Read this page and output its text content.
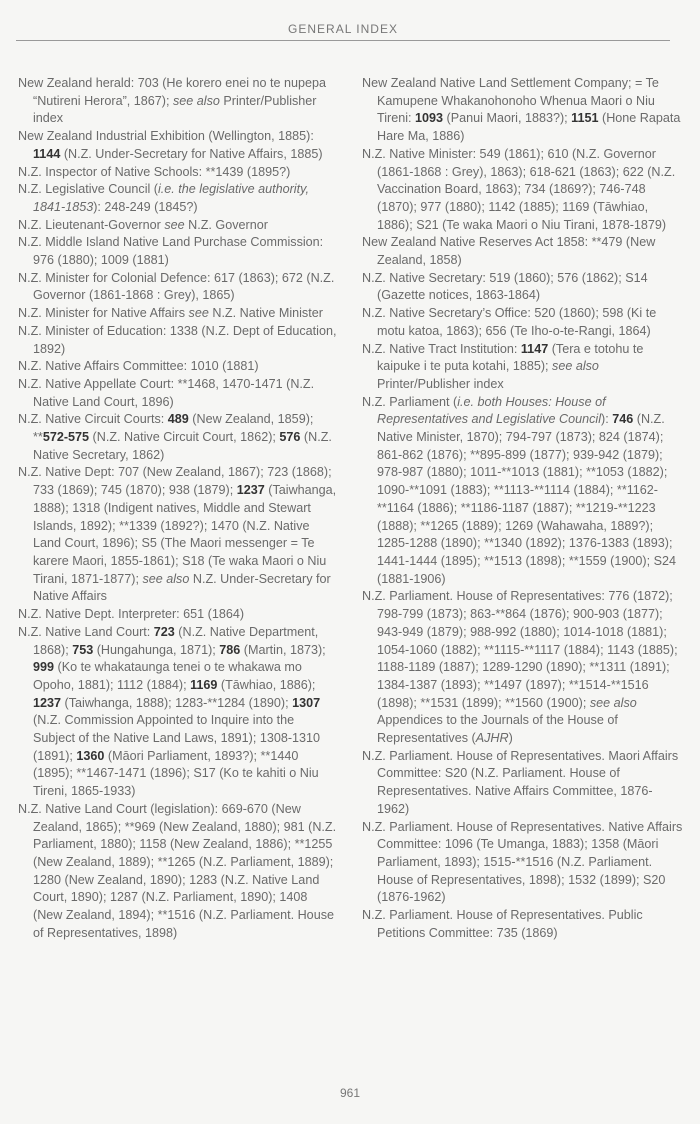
GENERAL INDEX
New Zealand herald: 703 (He korero enei no te nupepa “Nutireni Herora”, 1867); see also Printer/Publisher index
New Zealand Industrial Exhibition (Wellington, 1885): 1144 (N.Z. Under-Secretary for Native Affairs, 1885)
N.Z. Inspector of Native Schools: **1439 (1895?)
N.Z. Legislative Council (i.e. the legislative authority, 1841-1853): 248-249 (1845?)
N.Z. Lieutenant-Governor see N.Z. Governor
N.Z. Middle Island Native Land Purchase Commission: 976 (1880); 1009 (1881)
N.Z. Minister for Colonial Defence: 617 (1863); 672 (N.Z. Governor (1861-1868 : Grey), 1865)
N.Z. Minister for Native Affairs see N.Z. Native Minister
N.Z. Minister of Education: 1338 (N.Z. Dept of Education, 1892)
N.Z. Native Affairs Committee: 1010 (1881)
N.Z. Native Appellate Court: **1468, 1470-1471 (N.Z. Native Land Court, 1896)
N.Z. Native Circuit Courts: 489 (New Zealand, 1859); **572-575 (N.Z. Native Circuit Court, 1862); 576 (N.Z. Native Secretary, 1862)
N.Z. Native Dept: 707 (New Zealand, 1867); 723 (1868); 733 (1869); 745 (1870); 938 (1879); 1237 (Taiwhanga, 1888); 1318 (Indigent natives, Middle and Stewart Islands, 1892); **1339 (1892?); 1470 (N.Z. Native Land Court, 1896); S5 (The Maori messenger = Te karere Maori, 1855-1861); S18 (Te waka Maori o Niu Tirani, 1871-1877); see also N.Z. Under-Secretary for Native Affairs
N.Z. Native Dept. Interpreter: 651 (1864)
N.Z. Native Land Court: 723 (N.Z. Native Department, 1868); 753 (Hungahunga, 1871); 786 (Martin, 1873); 999 (Ko te whakataunga tenei o te whakawa mo Opoho, 1881); 1112 (1884); 1169 (Tāwhiao, 1886); 1237 (Taiwhanga, 1888); 1283-**1284 (1890); 1307 (N.Z. Commission Appointed to Inquire into the Subject of the Native Land Laws, 1891); 1308-1310 (1891); 1360 (Māori Parliament, 1893?); **1440 (1895); **1467-1471 (1896); S17 (Ko te kahiti o Niu Tireni, 1865-1933)
N.Z. Native Land Court (legislation): 669-670 (New Zealand, 1865); **969 (New Zealand, 1880); 981 (N.Z. Parliament, 1880); 1158 (New Zealand, 1886); **1255 (New Zealand, 1889); **1265 (N.Z. Parliament, 1889); 1280 (New Zealand, 1890); 1283 (N.Z. Native Land Court, 1890); 1287 (N.Z. Parliament, 1890); 1408 (New Zealand, 1894); **1516 (N.Z. Parliament. House of Representatives, 1898)
New Zealand Native Land Settlement Company; = Te Kamupene Whakanohonoho Whenua Maori o Niu Tireni: 1093 (Panui Maori, 1883?); 1151 (Hone Rapata Hare Ma, 1886)
N.Z. Native Minister: 549 (1861); 610 (N.Z. Governor (1861-1868 : Grey), 1863); 618-621 (1863); 622 (N.Z. Vaccination Board, 1863); 734 (1869?); 746-748 (1870); 977 (1880); 1142 (1885); 1169 (Tāwhiao, 1886); S21 (Te waka Maori o Niu Tirani, 1878-1879)
New Zealand Native Reserves Act 1858: **479 (New Zealand, 1858)
N.Z. Native Secretary: 519 (1860); 576 (1862); S14 (Gazette notices, 1863-1864)
N.Z. Native Secretary’s Office: 520 (1860); 598 (Ki te motu katoa, 1863); 656 (Te Iho-o-te-Rangi, 1864)
N.Z. Native Tract Institution: 1147 (Tera e totohu te kaipuke i te puta kotahi, 1885); see also Printer/Publisher index
N.Z. Parliament (i.e. both Houses: House of Representatives and Legislative Council): 746 (N.Z. Native Minister, 1870); 794-797 (1873); 824 (1874); 861-862 (1876); **895-899 (1877); 939-942 (1879); 978-987 (1880); 1011-**1013 (1881); **1053 (1882); 1090-**1091 (1883); **1113-**1114 (1884); **1162-**1164 (1886); **1186-1187 (1887); **1219-**1223 (1888); **1265 (1889); 1269 (Wahawaha, 1889?); 1285-1288 (1890); **1340 (1892); 1376-1383 (1893); 1441-1444 (1895); **1513 (1898); **1559 (1900); S24 (1881-1906)
N.Z. Parliament. House of Representatives: 776 (1872); 798-799 (1873); 863-**864 (1876); 900-903 (1877); 943-949 (1879); 988-992 (1880); 1014-1018 (1881); 1054-1060 (1882); **1115-**1117 (1884); 1143 (1885); 1188-1189 (1887); 1289-1290 (1890); **1311 (1891); 1384-1387 (1893); **1497 (1897); **1514-**1516 (1898); **1531 (1899); **1560 (1900); see also Appendices to the Journals of the House of Representatives (AJHR)
N.Z. Parliament. House of Representatives. Maori Affairs Committee: S20 (N.Z. Parliament. House of Representatives. Native Affairs Committee, 1876-1962)
N.Z. Parliament. House of Representatives. Native Affairs Committee: 1096 (Te Umanga, 1883); 1358 (Māori Parliament, 1893); 1515-**1516 (N.Z. Parliament. House of Representatives, 1898); 1532 (1899); S20 (1876-1962)
N.Z. Parliament. House of Representatives. Public Petitions Committee: 735 (1869)
961
